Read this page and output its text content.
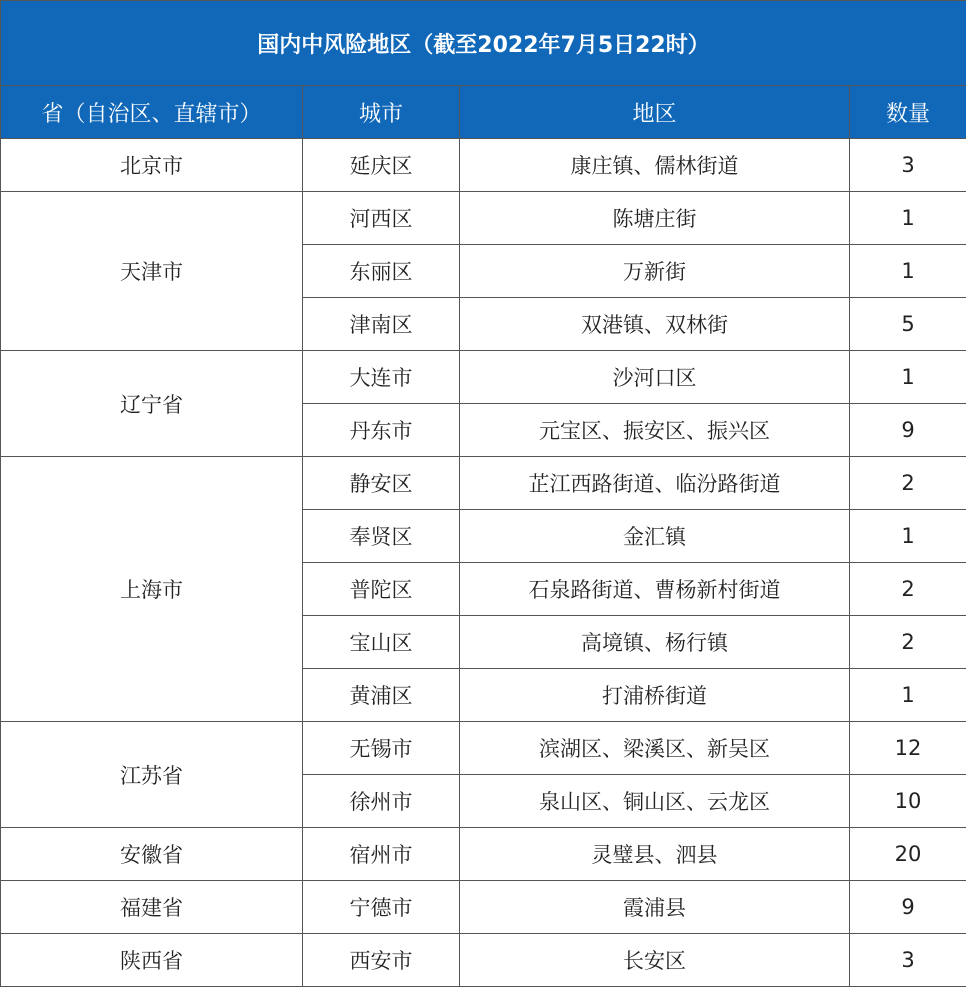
国内中风险地区（截至2022年7月5日22时）			
省（自治区、直辖市）	城市	地区	数量
北京市	延庆区	康庄镇、儒林街道	3
天津市	河西区	陈塘庄街	1
	东丽区	万新街	1
	津南区	双港镇、双林街	5
辽宁省	大连市	沙河口区	1
	丹东市	元宝区、振安区、振兴区	9
上海市	静安区	芷江西路街道、临汾路街道	2
	奉贤区	金汇镇	1
	普陀区	石泉路街道、曹杨新村街道	2
	宝山区	高境镇、杨行镇	2
	黄浦区	打浦桥街道	1
江苏省	无锡市	滨湖区、梁溪区、新吴区	12
	徐州市	泉山区、铜山区、云龙区	10
安徽省	宿州市	灵璧县、泗县	20
福建省	宁德市	霞浦县	9
陕西省	西安市	长安区	3
